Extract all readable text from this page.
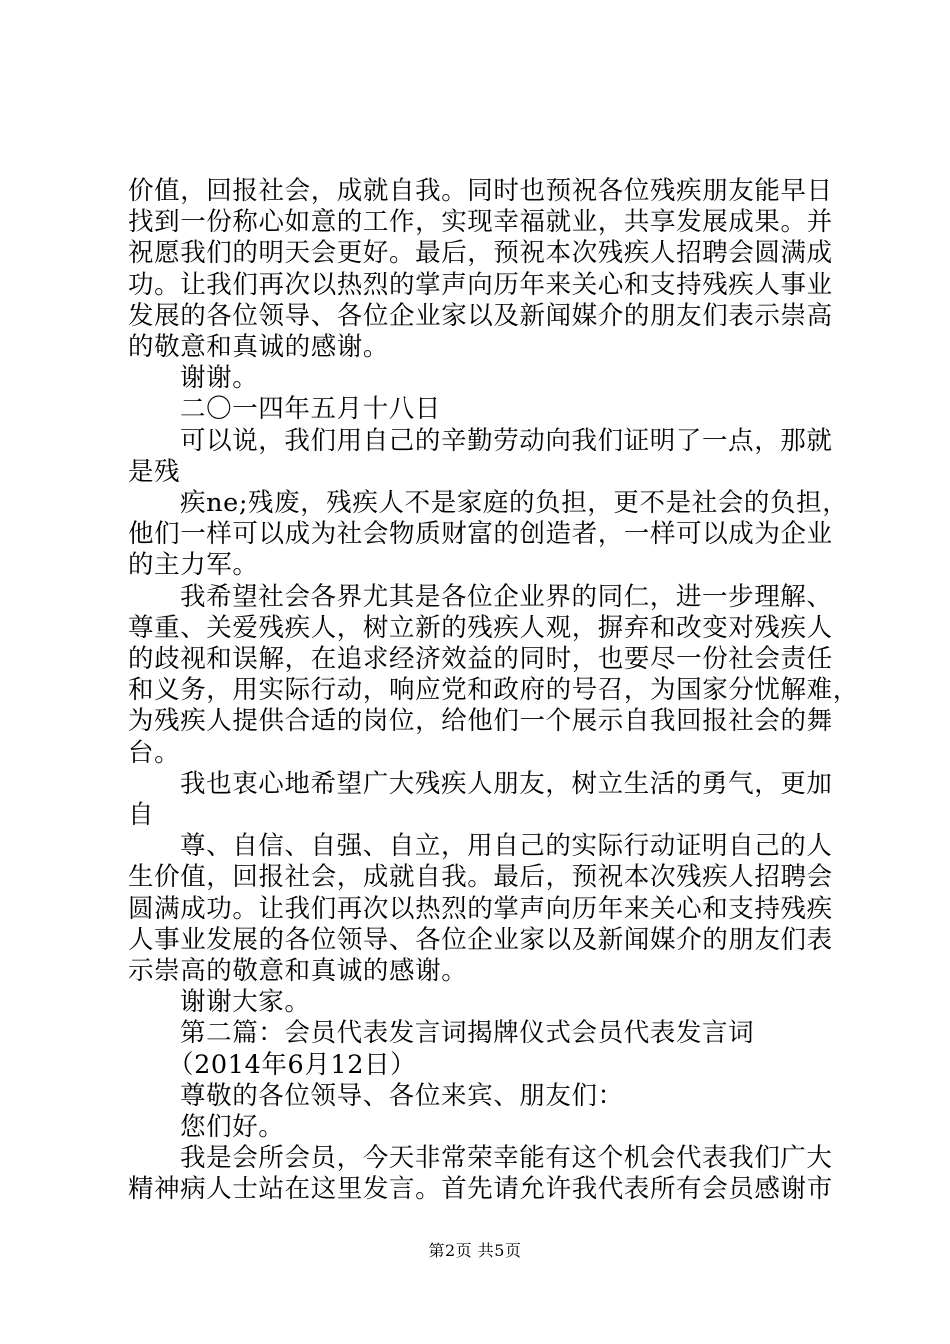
价值，回报社会，成就自我。同时也预祝各位残疾朋友能早日
找到一份称心如意的工作，实现幸福就业，共享发展成果。并
祝愿我们的明天会更好。最后，预祝本次残疾人招聘会圆满成
功。让我们再次以热烈的掌声向历年来关心和支持残疾人事业
发展的各位领导、各位企业家以及新闻媒介的朋友们表示崇高
的敬意和真诚的感谢。
谢谢。
二〇一四年五月十八日
可以说，我们用自己的辛勤劳动向我们证明了一点，那就
是残
疾ne;残废，残疾人不是家庭的负担，更不是社会的负担，
他们一样可以成为社会物质财富的创造者，一样可以成为企业
的主力军。
我希望社会各界尤其是各位企业界的同仁，进一步理解、
尊重、关爱残疾人，树立新的残疾人观，摒弃和改变对残疾人
的歧视和误解，在追求经济效益的同时，也要尽一份社会责任
和义务，用实际行动，响应党和政府的号召，为国家分忧解难，
为残疾人提供合适的岗位，给他们一个展示自我回报社会的舞
台。
我也衷心地希望广大残疾人朋友，树立生活的勇气，更加
自
尊、自信、自强、自立，用自己的实际行动证明自己的人
生价值，回报社会，成就自我。最后，预祝本次残疾人招聘会
圆满成功。让我们再次以热烈的掌声向历年来关心和支持残疾
人事业发展的各位领导、各位企业家以及新闻媒介的朋友们表
示崇高的敬意和真诚的感谢。
谢谢大家。
第二篇：会员代表发言词揭牌仪式会员代表发言词
（2014年6月12日）
尊敬的各位领导、各位来宾、朋友们：
您们好。
我是会所会员，今天非常荣幸能有这个机会代表我们广大
第2页 共5页
精神病人士站在这里发言。首先请允许我代表所有会员感谢市
